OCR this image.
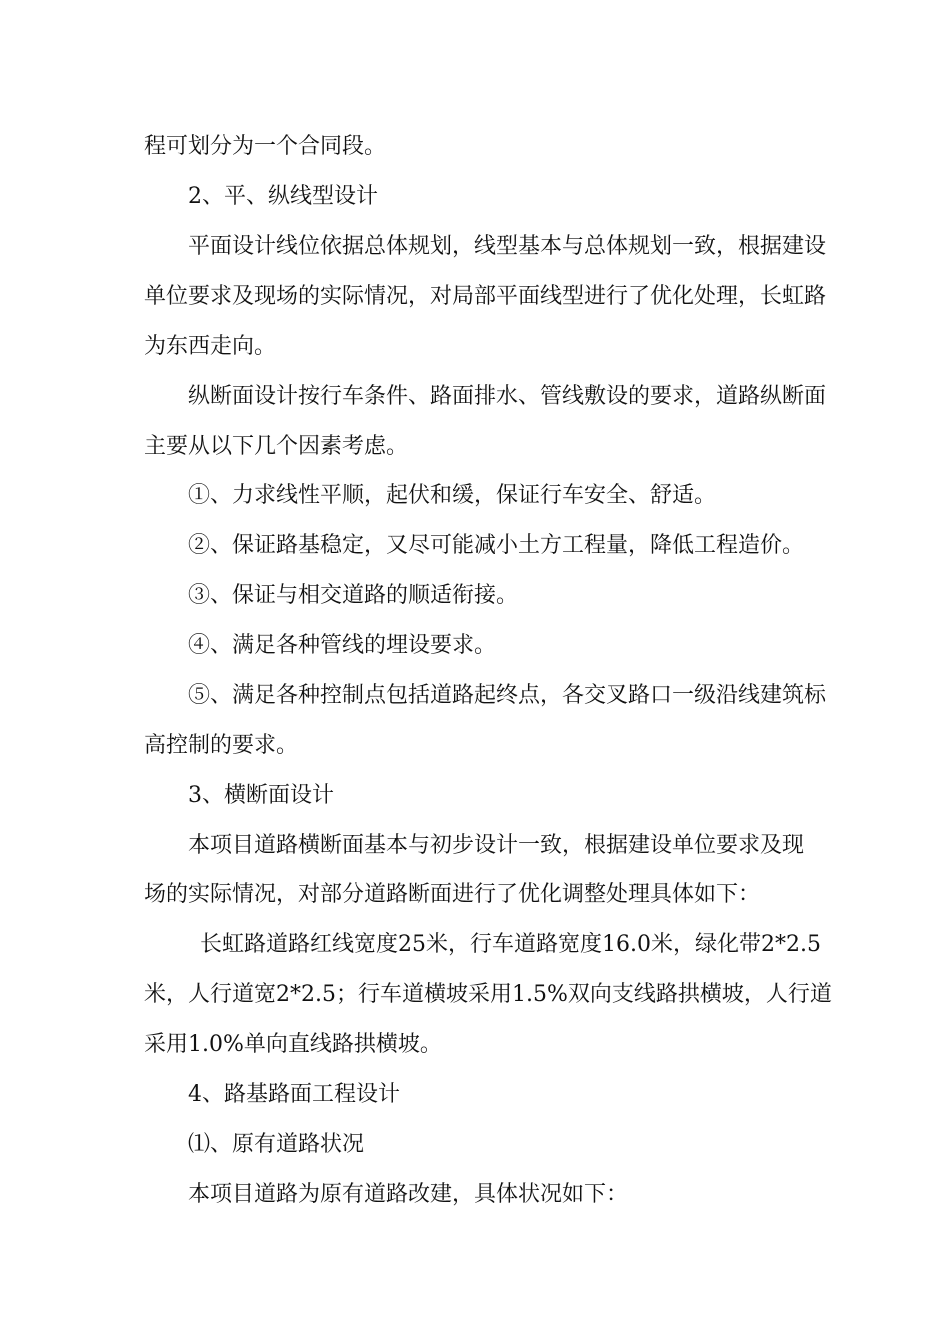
程可划分为一个合同段。
2、平、纵线型设计
平面设计线位依据总体规划，线型基本与总体规划一致，根据建设
单位要求及现场的实际情况，对局部平面线型进行了优化处理，长虹路
为东西走向。
纵断面设计按行车条件、路面排水、管线敷设的要求，道路纵断面
主要从以下几个因素考虑。
①、力求线性平顺，起伏和缓，保证行车安全、舒适。
②、保证路基稳定，又尽可能减小土方工程量，降低工程造价。
③、保证与相交道路的顺适衔接。
④、满足各种管线的埋设要求。
⑤、满足各种控制点包括道路起终点，各交叉路口一级沿线建筑标
高控制的要求。
3、横断面设计
本项目道路横断面基本与初步设计一致，根据建设单位要求及现
场的实际情况，对部分道路断面进行了优化调整处理具体如下：
长虹路道路红线宽度25米，行车道路宽度16.0米，绿化带2*2.5
米，人行道宽2*2.5；行车道横坡采用1.5%双向支线路拱横坡，人行道
采用1.0%单向直线路拱横坡。
4、路基路面工程设计
⑴、原有道路状况
本项目道路为原有道路改建，具体状况如下：
